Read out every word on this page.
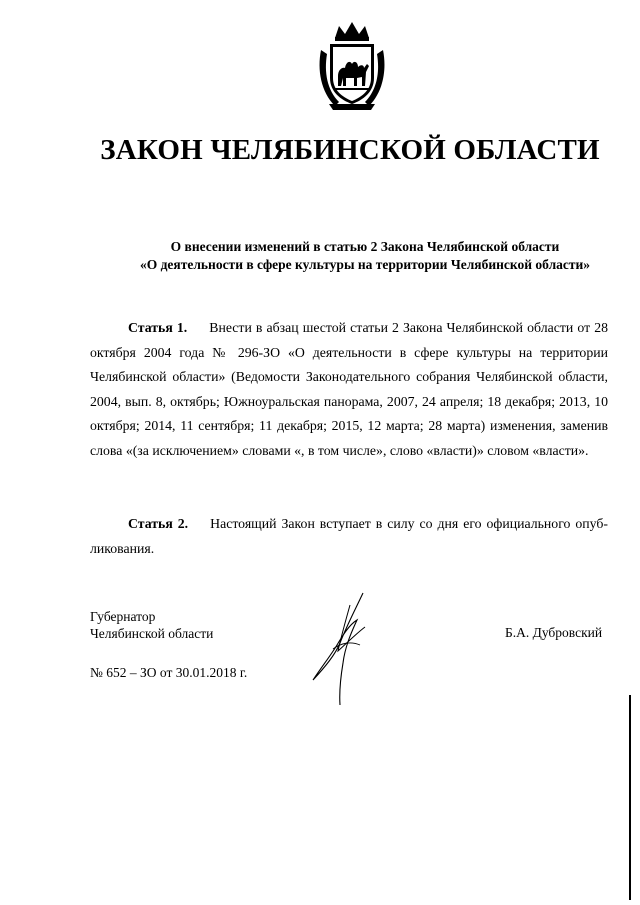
ЗАКОН ЧЕЛЯБИНСКОЙ ОБЛАСТИ
О внесении изменений в статью 2 Закона Челябинской области
«О деятельности в сфере культуры на территории Челябинской области»
Статья 1. Внести в абзац шестой статьи 2 Закона Челябинской области от 28 октября 2004 года № 296-ЗО «О деятельности в сфере культуры на территории Челябинской области» (Ведомости Законодательного собрания Челябинской области, 2004, вып. 8, октябрь; Южноуральская панорама, 2007, 24 апреля; 18 декабря; 2013, 10 октября; 2014, 11 сентября; 11 декабря; 2015, 12 марта; 28 марта) изменения, заменив слова «(за исключением» словами «, в том числе», слово «власти)» словом «власти».
Статья 2. Настоящий Закон вступает в силу со дня его официального опуб-ликования.
Губернатор
Челябинской области	Б.А. Дубровский
№ 652 – ЗО от 30.01.2018 г.
